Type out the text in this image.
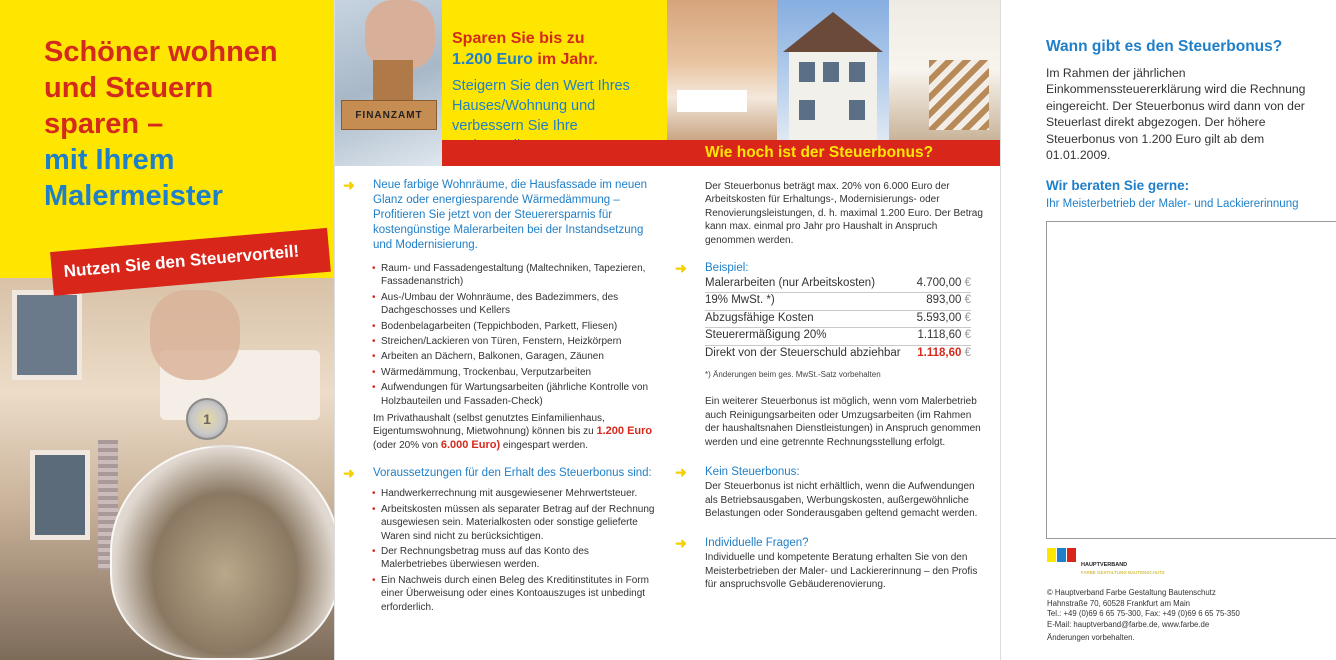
Schöner wohnen
und Steuern
sparen –
mit Ihrem
Malermeister
1
Nutzen Sie den Steuervorteil!
FINANZAMT
Sparen Sie bis zu
1.200 Euro im Jahr.
Steigern Sie den Wert Ihres Hauses/Wohnung und verbessern Sie Ihre
➜ Neue farbige Wohnräume, die Hausfassade im neuen Glanz oder energiesparende Wärmedämmung – Profitieren Sie jetzt von der Steuerersparnis für kostengünstige Malerarbeiten bei der Instandsetzung und Modernisierung.
• Raum- und Fassadengestaltung (Maltechniken, Tapezieren, Fassadenanstrich)
• Aus-/Umbau der Wohnräume, des Badezimmers, des Dachgeschosses und Kellers
• Bodenbelagarbeiten (Teppichboden, Parkett, Fliesen)
• Streichen/Lackieren von Türen, Fenstern, Heizkörpern
• Arbeiten an Dächern, Balkonen, Garagen, Zäunen
• Wärmedämmung, Trockenbau, Verputzarbeiten
• Aufwendungen für Wartungsarbeiten (jährliche Kontrolle von Holzbauteilen und Fassaden-Check)
Im Privathaushalt (selbst genutztes Einfamilienhaus, Eigentumswohnung, Mietwohnung) können bis zu 1.200 Euro (oder 20% von 6.000 Euro) eingespart werden.
➜ Voraussetzungen für den Erhalt des Steuerbonus sind:
• Handwerkerrechnung mit ausgewiesener Mehrwertsteuer.
• Arbeitskosten müssen als separater Betrag auf der Rechnung ausgewiesen sein. Materialkosten oder sonstige gelieferte Waren sind nicht zu berücksichtigen.
• Der Rechnungsbetrag muss auf das Konto des Malerbetriebes überwiesen werden.
• Ein Nachweis durch einen Beleg des Kreditinstitutes in Form einer Überweisung oder eines Kontoauszuges ist unbedingt erforderlich.
Wie hoch ist der Steuerbonus?
Der Steuerbonus beträgt max. 20% von 6.000 Euro der Arbeitskosten für Erhaltungs-, Modernisierungs- oder Renovierungsleistungen, d. h. maximal 1.200 Euro. Der Betrag kann max. einmal pro Jahr pro Haushalt in Anspruch genommen werden.
➜ Beispiel:
Malerarbeiten (nur Arbeitskosten)	4.700,00 €
19% MwSt. *)	893,00 €
Abzugsfähige Kosten	5.593,00 €
Steuerermäßigung 20%	1.118,60 €
Direkt von der Steuerschuld abziehbar	1.118,60 €
*) Änderungen beim ges. MwSt.-Satz vorbehalten
Ein weiterer Steuerbonus ist möglich, wenn vom Malerbetrieb auch Reinigungsarbeiten oder Umzugsarbeiten (im Rahmen der haushaltsnahen Dienstleistungen) in Anspruch genommen werden und eine getrennte Rechnungsstellung erfolgt.
➜ Kein Steuerbonus:
Der Steuerbonus ist nicht erhältlich, wenn die Aufwendungen als Betriebsausgaben, Werbungskosten, außergewöhnliche Belastungen oder Sonderausgaben geltend gemacht werden.
➜ Individuelle Fragen?
Individuelle und kompetente Beratung erhalten Sie von den Meisterbetrieben der Maler- und Lackiererinnung – den Profis für anspruchsvolle Gebäuderenovierung.
Wann gibt es den Steuerbonus?
Im Rahmen der jährlichen Einkommenssteuererklärung wird die Rechnung eingereicht. Der Steuerbonus wird dann von der Steuerlast direkt abgezogen. Der höhere Steuerbonus von 1.200 Euro gilt ab dem 01.01.2009.
Wir beraten Sie gerne:
Ihr Meisterbetrieb der Maler- und Lackiererinnung
HAUPTVERBAND
FARBE GESTALTUNG BAUTENSCHUTZ
© Hauptverband Farbe Gestaltung Bautenschutz
Hahnstraße 70, 60528 Frankfurt am Main
Tel.: +49 (0)69 6 65 75-300, Fax: +49 (0)69 6 65 75-350
E-Mail: hauptverband@farbe.de, www.farbe.de
Änderungen vorbehalten.
